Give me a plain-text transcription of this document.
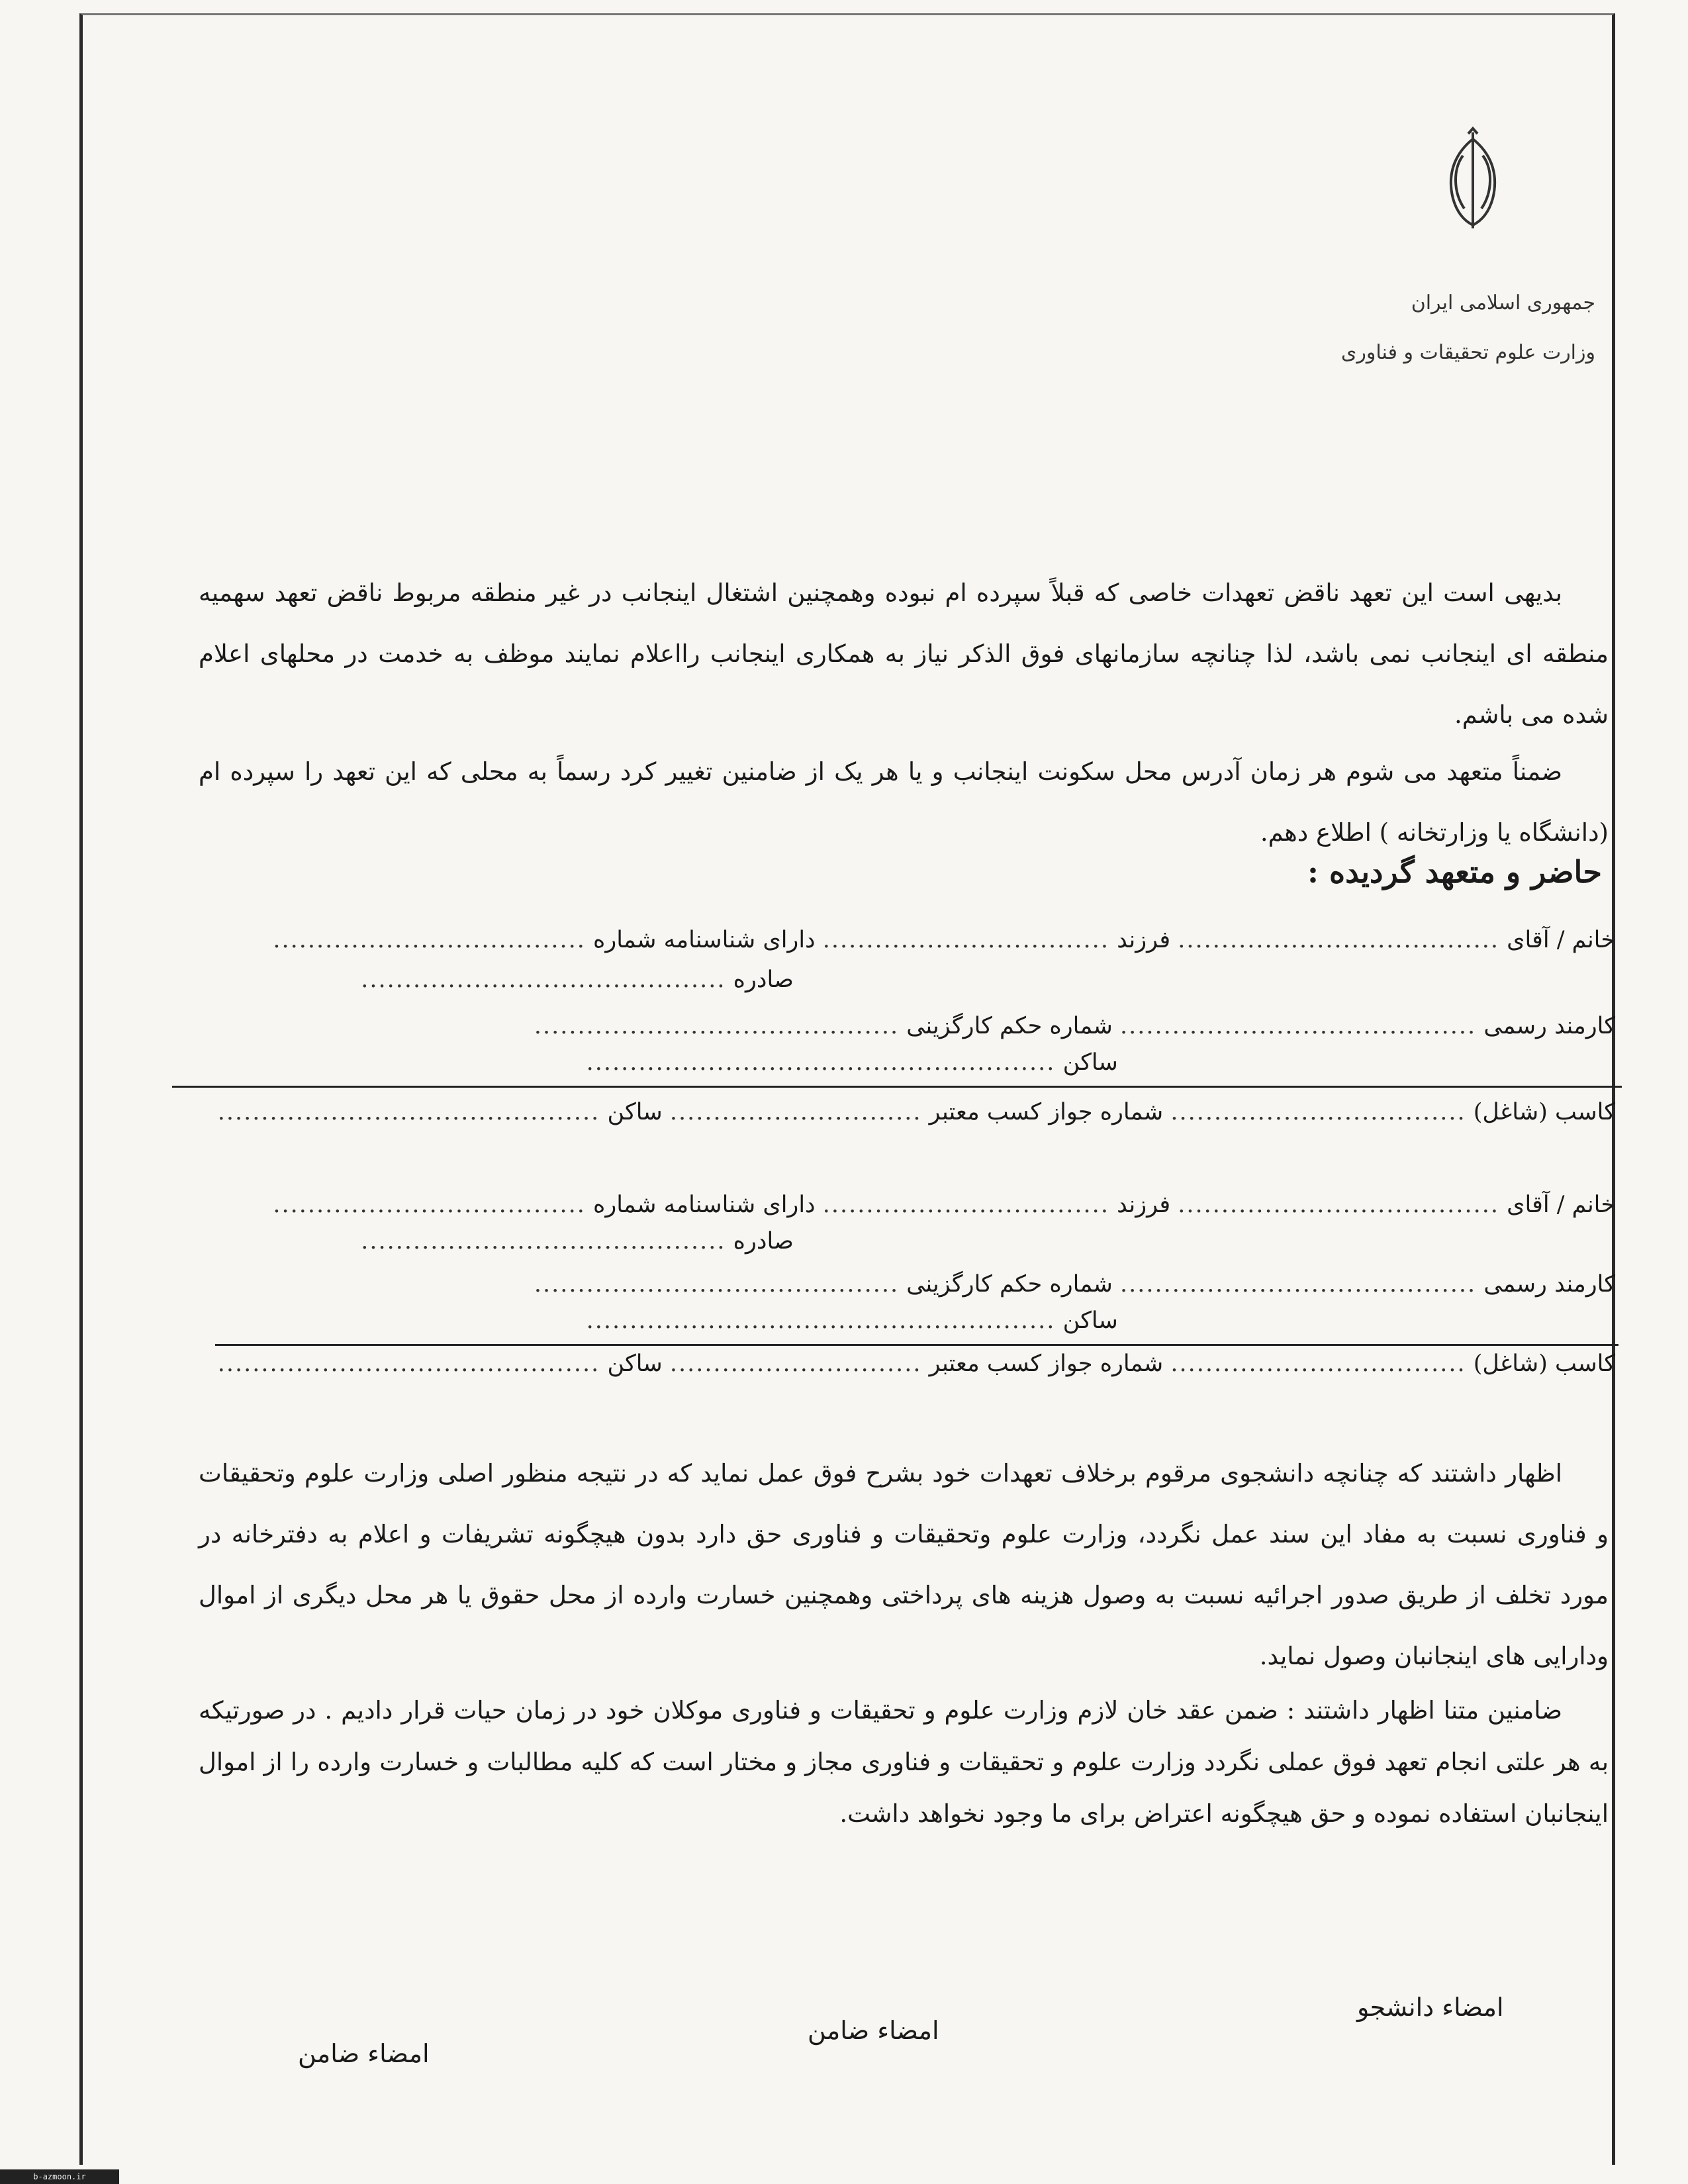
جمهوری اسلامی ایران
وزارت علوم تحقیقات و فناوری
بدیهی است این تعهد ناقض تعهدات خاصی که قبلاً سپرده ام نبوده وهمچنین اشتغال اینجانب در غیر منطقه مربوط ناقض تعهد سهمیه منطقه ای اینجانب نمی باشد، لذا چنانچه سازمانهای فوق الذکر نیاز به همکاری اینجانب رااعلام نمایند موظف به خدمت در محلهای اعلام شده می باشم.
ضمناً متعهد می شوم هر زمان آدرس محل سکونت اینجانب و یا هر یک از ضامنین تغییر کرد رسماً به محلی که این تعهد را سپرده ام (دانشگاه یا وزارتخانه ) اطلاع دهم.
حاضر و متعهد گردیده :
خانم / آقای ..................................... فرزند ................................. دارای شناسنامه شماره ....................................
صادره ..........................................
کارمند رسمی ......................................... شماره حکم کارگزینی ..........................................
ساکن ......................................................
کاسب (شاغل) .................................. شماره جواز کسب معتبر ............................. ساکن ............................................
خانم / آقای ..................................... فرزند ................................. دارای شناسنامه شماره ....................................
صادره ..........................................
کارمند رسمی ......................................... شماره حکم کارگزینی ..........................................
ساکن ......................................................
کاسب (شاغل) .................................. شماره جواز کسب معتبر ............................. ساکن ............................................
اظهار داشتند که چنانچه دانشجوی مرقوم برخلاف تعهدات خود بشرح فوق عمل نماید که در نتیجه منظور اصلی وزارت علوم وتحقیقات و فناوری نسبت به مفاد این سند عمل نگردد، وزارت علوم وتحقیقات و فناوری حق دارد بدون هیچگونه تشریفات و اعلام به دفترخانه در مورد تخلف از طریق صدور اجرائیه نسبت به وصول هزینه های پرداختی وهمچنین خسارت وارده از محل حقوق یا هر محل دیگری از اموال ودارایی های اینجانبان وصول نماید.
ضامنین متنا اظهار داشتند : ضمن عقد خان لازم وزارت علوم و تحقیقات و فناوری موکلان خود در زمان حیات قرار دادیم . در صورتیکه به هر علتی انجام تعهد فوق عملی نگردد وزارت علوم و تحقیقات و فناوری مجاز و مختار است که کلیه مطالبات و خسارت وارده را از اموال اینجانبان استفاده نموده و حق هیچگونه اعتراض برای ما وجود نخواهد داشت.
امضاء دانشجو
امضاء ضامن
امضاء ضامن
b-azmoon.ir
